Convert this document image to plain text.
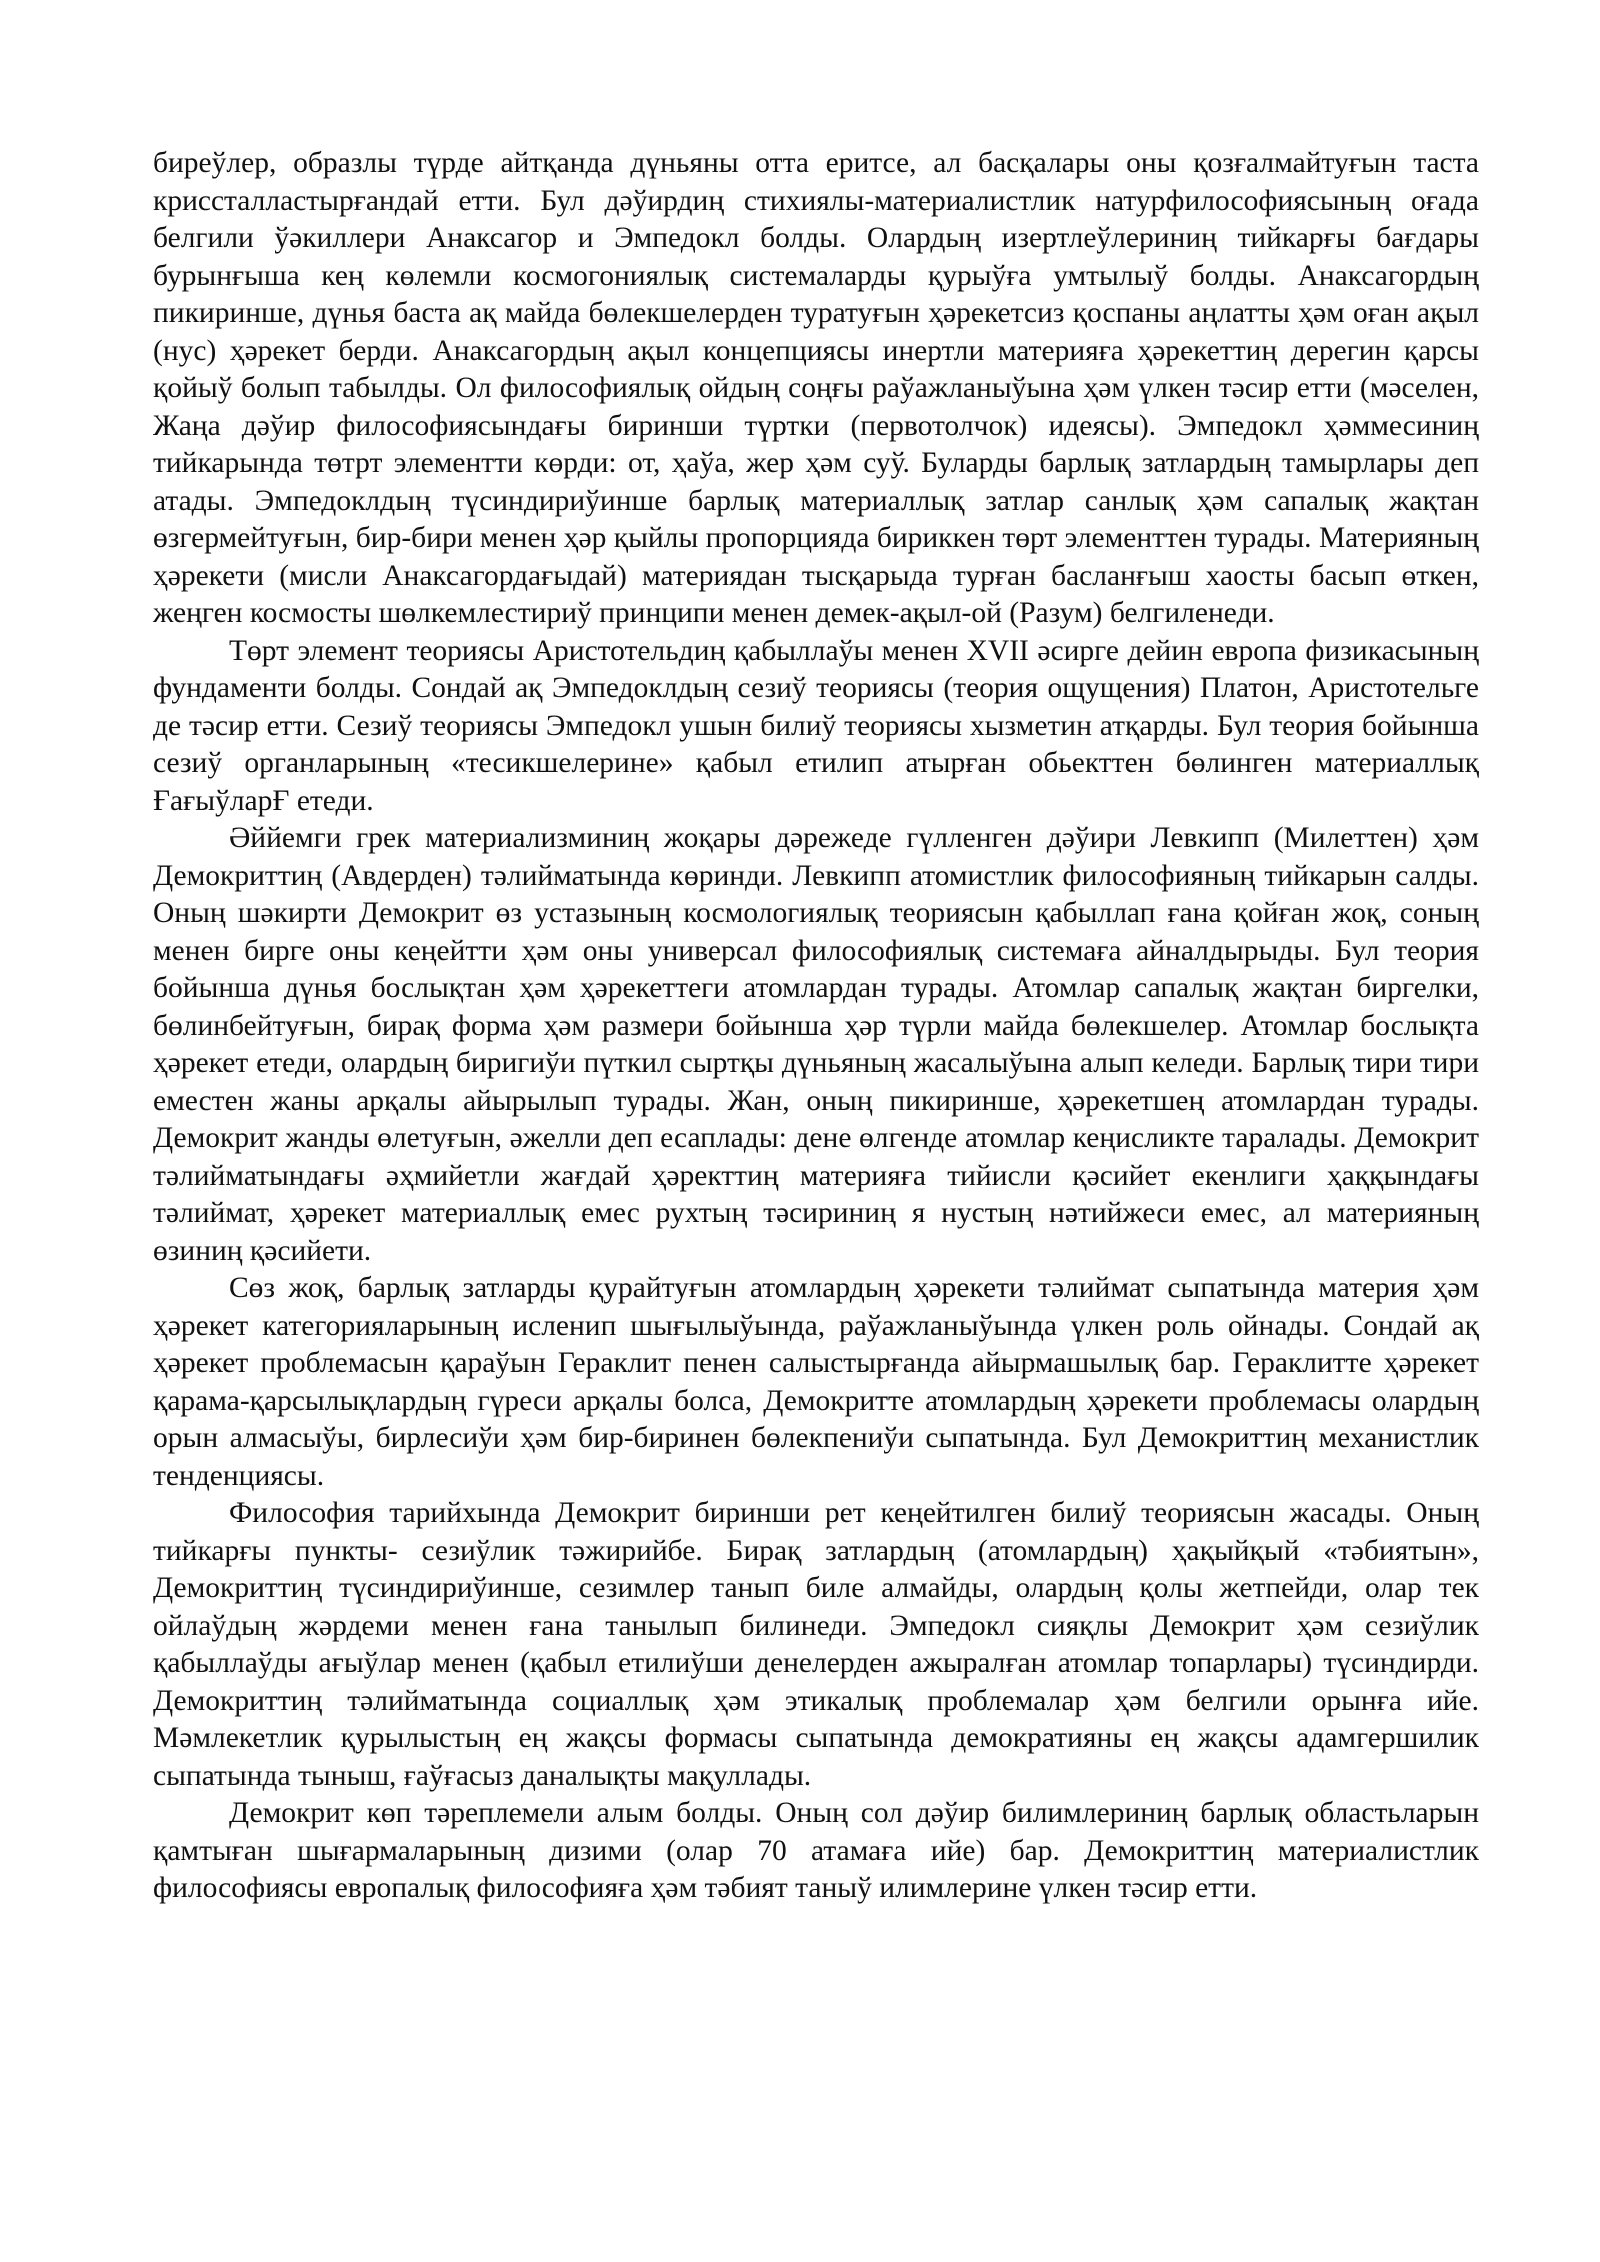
биреўлер, образлы түрде айтқанда дүньяны отта еритсе, ал басқалары оны қозғалмайтуғын таста криссталластырғандай етти. Бул дәўирдиң стихиялы-материалистлик натурфилософиясының оғада белгили ўәкиллери Анаксагор и Эмпедокл болды. Олардың изертлеўлериниң тийкарғы бағдары бурынғыша кең көлемли космогониялық системаларды қурыўға умтылыў болды. Анаксагордың пикиринше, дүнья баста ақ майда бөлекшелерден туратуғын ҳәрекетсиз қоспаны аңлатты ҳәм оған ақыл (нус) ҳәрекет берди. Анаксагордың ақыл концепциясы инертли материяға ҳәрекеттиң дерегин қарсы қойыў болып табылды. Ол философиялық ойдың соңғы раўажланыўына ҳәм үлкен тәсир етти (мәселен, Жаңа дәўир философиясындағы биринши түртки (первотолчок) идеясы). Эмпедокл ҳәммесиниң тийкарында төтрт элементти көрди: от, ҳаўа, жер ҳәм суў. Буларды барлық затлардың тамырлары деп атады. Эмпедоклдың түсиндириўинше барлық материаллық затлар санлық ҳәм сапалық жақтан өзгермейтуғын, бир-бири менен ҳәр қыйлы пропорцияда бириккен төрт элементтен турады. Материяның ҳәрекети (мисли Анаксагордағыдай) материядан тысқарыда турған басланғыш хаосты басып өткен, жеңген космосты шөлкемлестириў принципи менен демек-ақыл-ой (Разум) белгиленеди.

Төрт элемент теориясы Аристотельдиң қабыллаўы менен XVII әсирге дейин европа физикасының фундаменти болды. Сондай ақ Эмпедоклдың сезиў теориясы (теория ощущения) Платон, Аристотельге де тәсир етти. Сезиў теориясы Эмпедокл ушын билиў теориясы хызметин атқарды. Бул теория бойынша сезиў органларының «тесикшелерине» қабыл етилип атырған обьекттен бөлинген материаллық ҒағыўларҒ етеди.

Әййемги грек материализминиң жоқары дәрежеде гүлленген дәўири Левкипп (Милеттен) ҳәм Демокриттиң (Авдерден) тәлийматында көринди. Левкипп атомистлик философияның тийкарын салды. Оның шәкирти Демокрит өз устазының космологиялық теориясын қабыллап ғана қойған жоқ, соның менен бирге оны кеңейтти ҳәм оны универсал философиялық системаға айналдырыды. Бул теория бойынша дүнья бослықтан ҳәм ҳәрекеттеги атомлардан турады. Атомлар сапалық жақтан биргелки, бөлинбейтуғын, бирақ форма ҳәм размери бойынша ҳәр түрли майда бөлекшелер. Атомлар бослықта ҳәрекет етеди, олардың биригиўи пүткил сыртқы дүньяның жасалыўына алып келеди. Барлық тири тири еместен жаны арқалы айырылып турады. Жан, оның пикиринше, ҳәрекетшең атомлардан турады. Демокрит жанды өлетуғын, әжелли деп есаплады: дене өлгенде атомлар кеңисликте таралады. Демокрит тәлийматындағы әҳмийетли жағдай ҳәректтиң материяға тийисли қәсийет екенлиги ҳаққындағы тәлиймат, ҳәрекет материаллық емес рухтың тәсириниң я нустың нәтийжеси емес, ал материяның өзиниң қәсийети.

Сөз жоқ, барлық затларды қурайтуғын атомлардың ҳәрекети тәлиймат сыпатында материя ҳәм ҳәрекет категорияларының исленип шығылыўында, раўажланыўында үлкен роль ойнады. Сондай ақ ҳәрекет проблемасын қараўын Гераклит пенен салыстырғанда айырмашылық бар. Гераклитте ҳәрекет қарама-қарсылықлардың гүреси арқалы болса, Демокритте атомлардың ҳәрекети проблемасы олардың орын алмасыўы, бирлесиўи ҳәм бир-биринен бөлекпениўи сыпатында. Бул Демокриттиң механистлик тенденциясы.

Философия тарийхында Демокрит биринши рет кеңейтилген билиў теориясын жасады. Оның тийкарғы пункты- сезиўлик тәжирийбе. Бирақ затлардың (атомлардың) ҳақыйқый «тәбиятын», Демокриттиң түсиндириўинше, сезимлер танып биле алмайды, олардың қолы жетпейди, олар тек ойлаўдың жәрдеми менен ғана танылып билинеди. Эмпедокл сияқлы Демокрит ҳәм сезиўлик қабыллаўды ағыўлар менен (қабыл етилиўши денелерден ажыралған атомлар топарлары) түсиндирди. Демокриттиң тәлийматында социаллық ҳәм этикалық проблемалар ҳәм белгили орынға ийе. Мәмлекетлик қурылыстың ең жақсы формасы сыпатында демократияны ең жақсы адамгершилик сыпатында тыныш, ғаўғасыз даналықты мақуллады.

Демокрит көп тәреплемели алым болды. Оның сол дәўир билимлериниң барлық областьларын қамтыған шығармаларының дизими (олар 70 атамаға ийе) бар. Демокриттиң материалистлик философиясы европалық философияға ҳәм тәбият таныў илимлерине үлкен тәсир етти.
